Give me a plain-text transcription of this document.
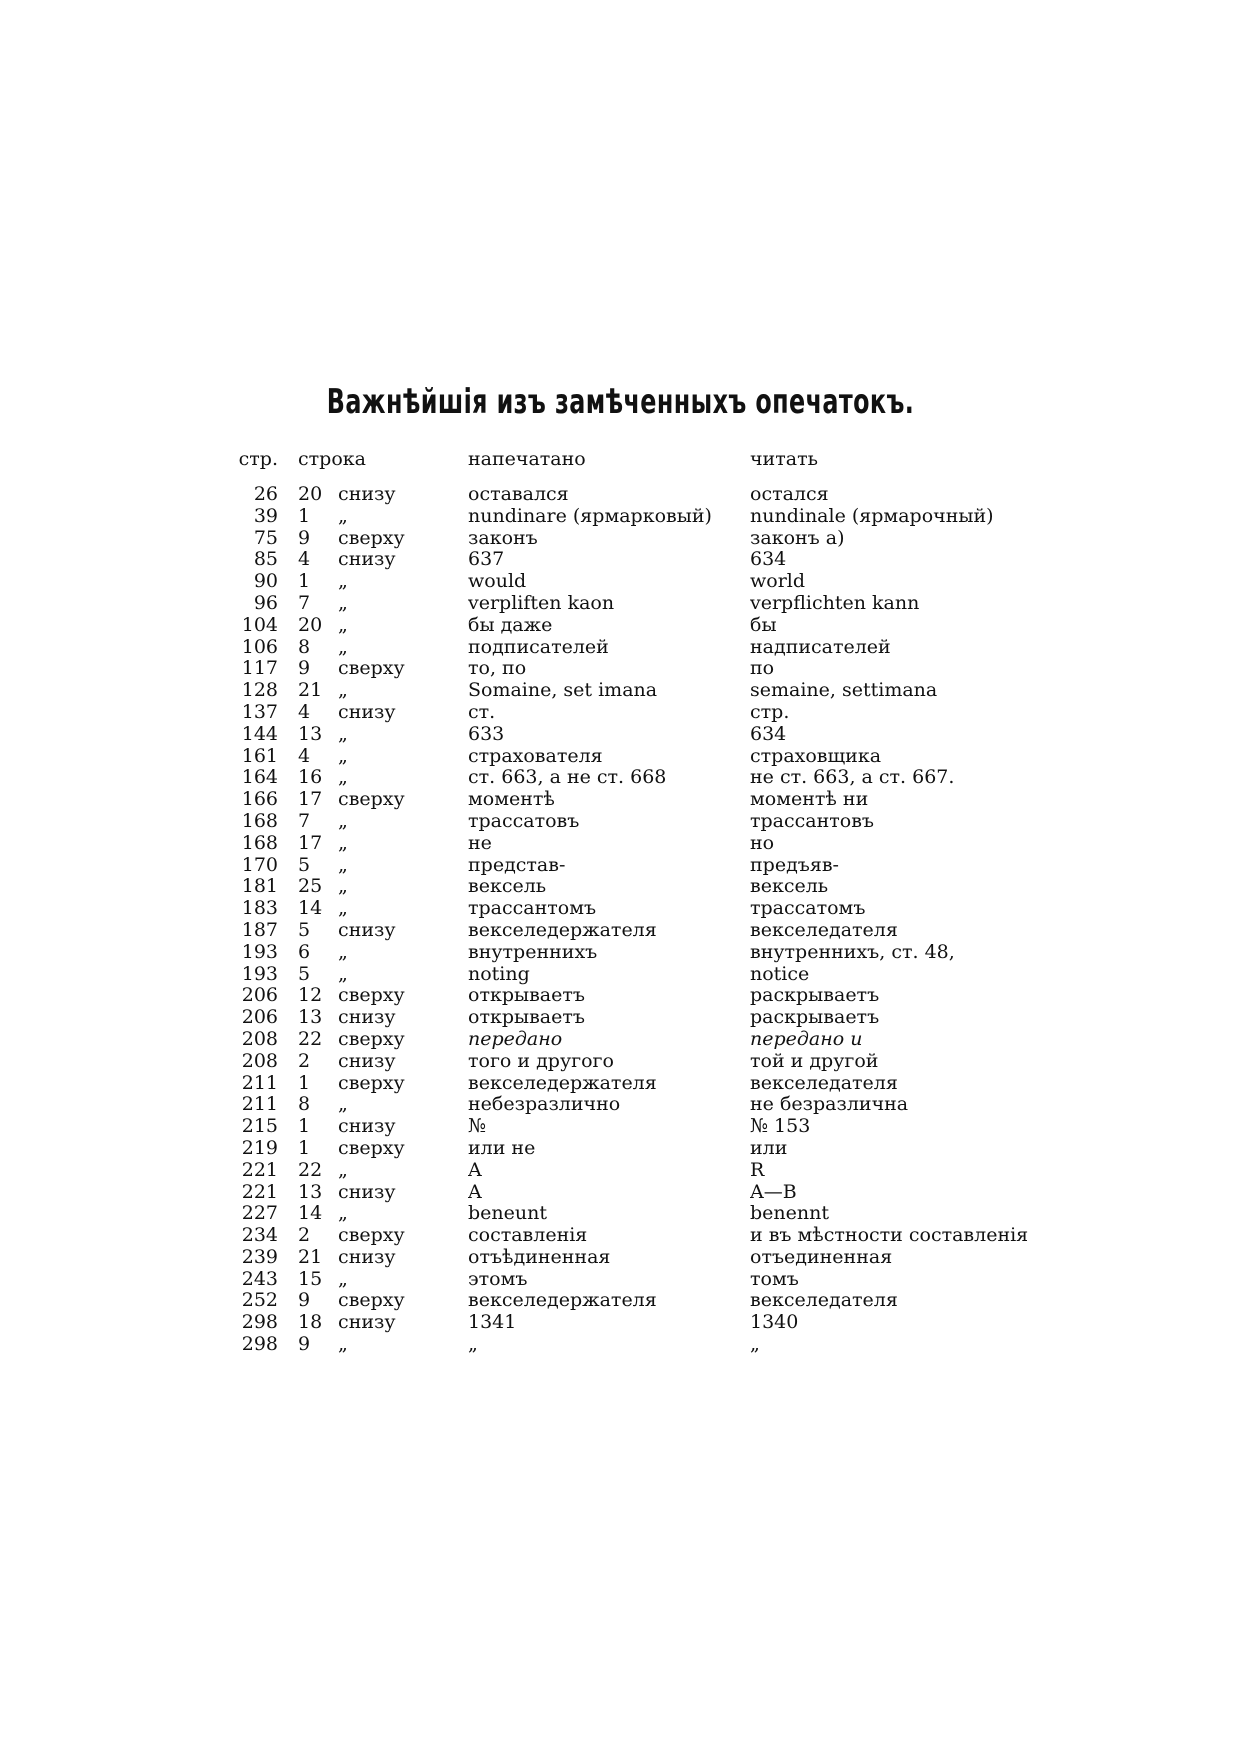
Важнѣйшія изъ замѣченныхъ опечатокъ.
стр.		строка	напечатано	читать
26		20 снизу	оставался	остался
39		1 „	nundinare (ярмарковый)	nundinale (ярмарочный)
75		9 сверху	законъ	законъ а)
85		4 снизу	637	634
90		1 „	would	world
96		7 „	verpliften kaon	verpflichten kann
104		20 „	бы даже	бы
106		8 „	подписателей	надписателей
117		9 сверху	то, по	по
128		21 „	Somaine, set imana	semaine, settimana
137		4 снизу	ст.	стр.
144		13 „	633	634
161		4 „	страхователя	страховщика
164		16 „	ст. 663, а не ст. 668	не ст. 663, а ст. 667.
166		17 сверху	моментѣ	моментѣ ни
168		7 „	трассатовъ	трассантовъ
168		17 „	не	но
170		5 „	представ-	предъяв-
181		25 „	вексель	вексель
183		14 „	трассантомъ	трассатомъ
187		5 снизу	векселедержателя	векселедателя
193		6 „	внутреннихъ	внутреннихъ, ст. 48,
193		5 „	noting	notice
206		12 сверху	открываетъ	раскрываетъ
206		13 снизу	открываетъ	раскрываетъ
208		22 сверху	передано	передано и
208		2 снизу	того и другого	той и другой
211		1 сверху	векселедержателя	векселедателя
211		8 „	небезразлично	не безразлична
215		1 снизу	№	№ 153
219		1 сверху	или не	или
221		22 „	A	R
221		13 снизу	A	A—B
227		14 „	beneunt	benennt
234		2 сверху	составленія	и въ мѣстности составленія
239		21 снизу	отъѣдиненная	отъединенная
243		15 „	этомъ	томъ
252		9 сверху	векселедержателя	векселедателя
298		18 снизу	1341	1340
298		9 „	„	„
